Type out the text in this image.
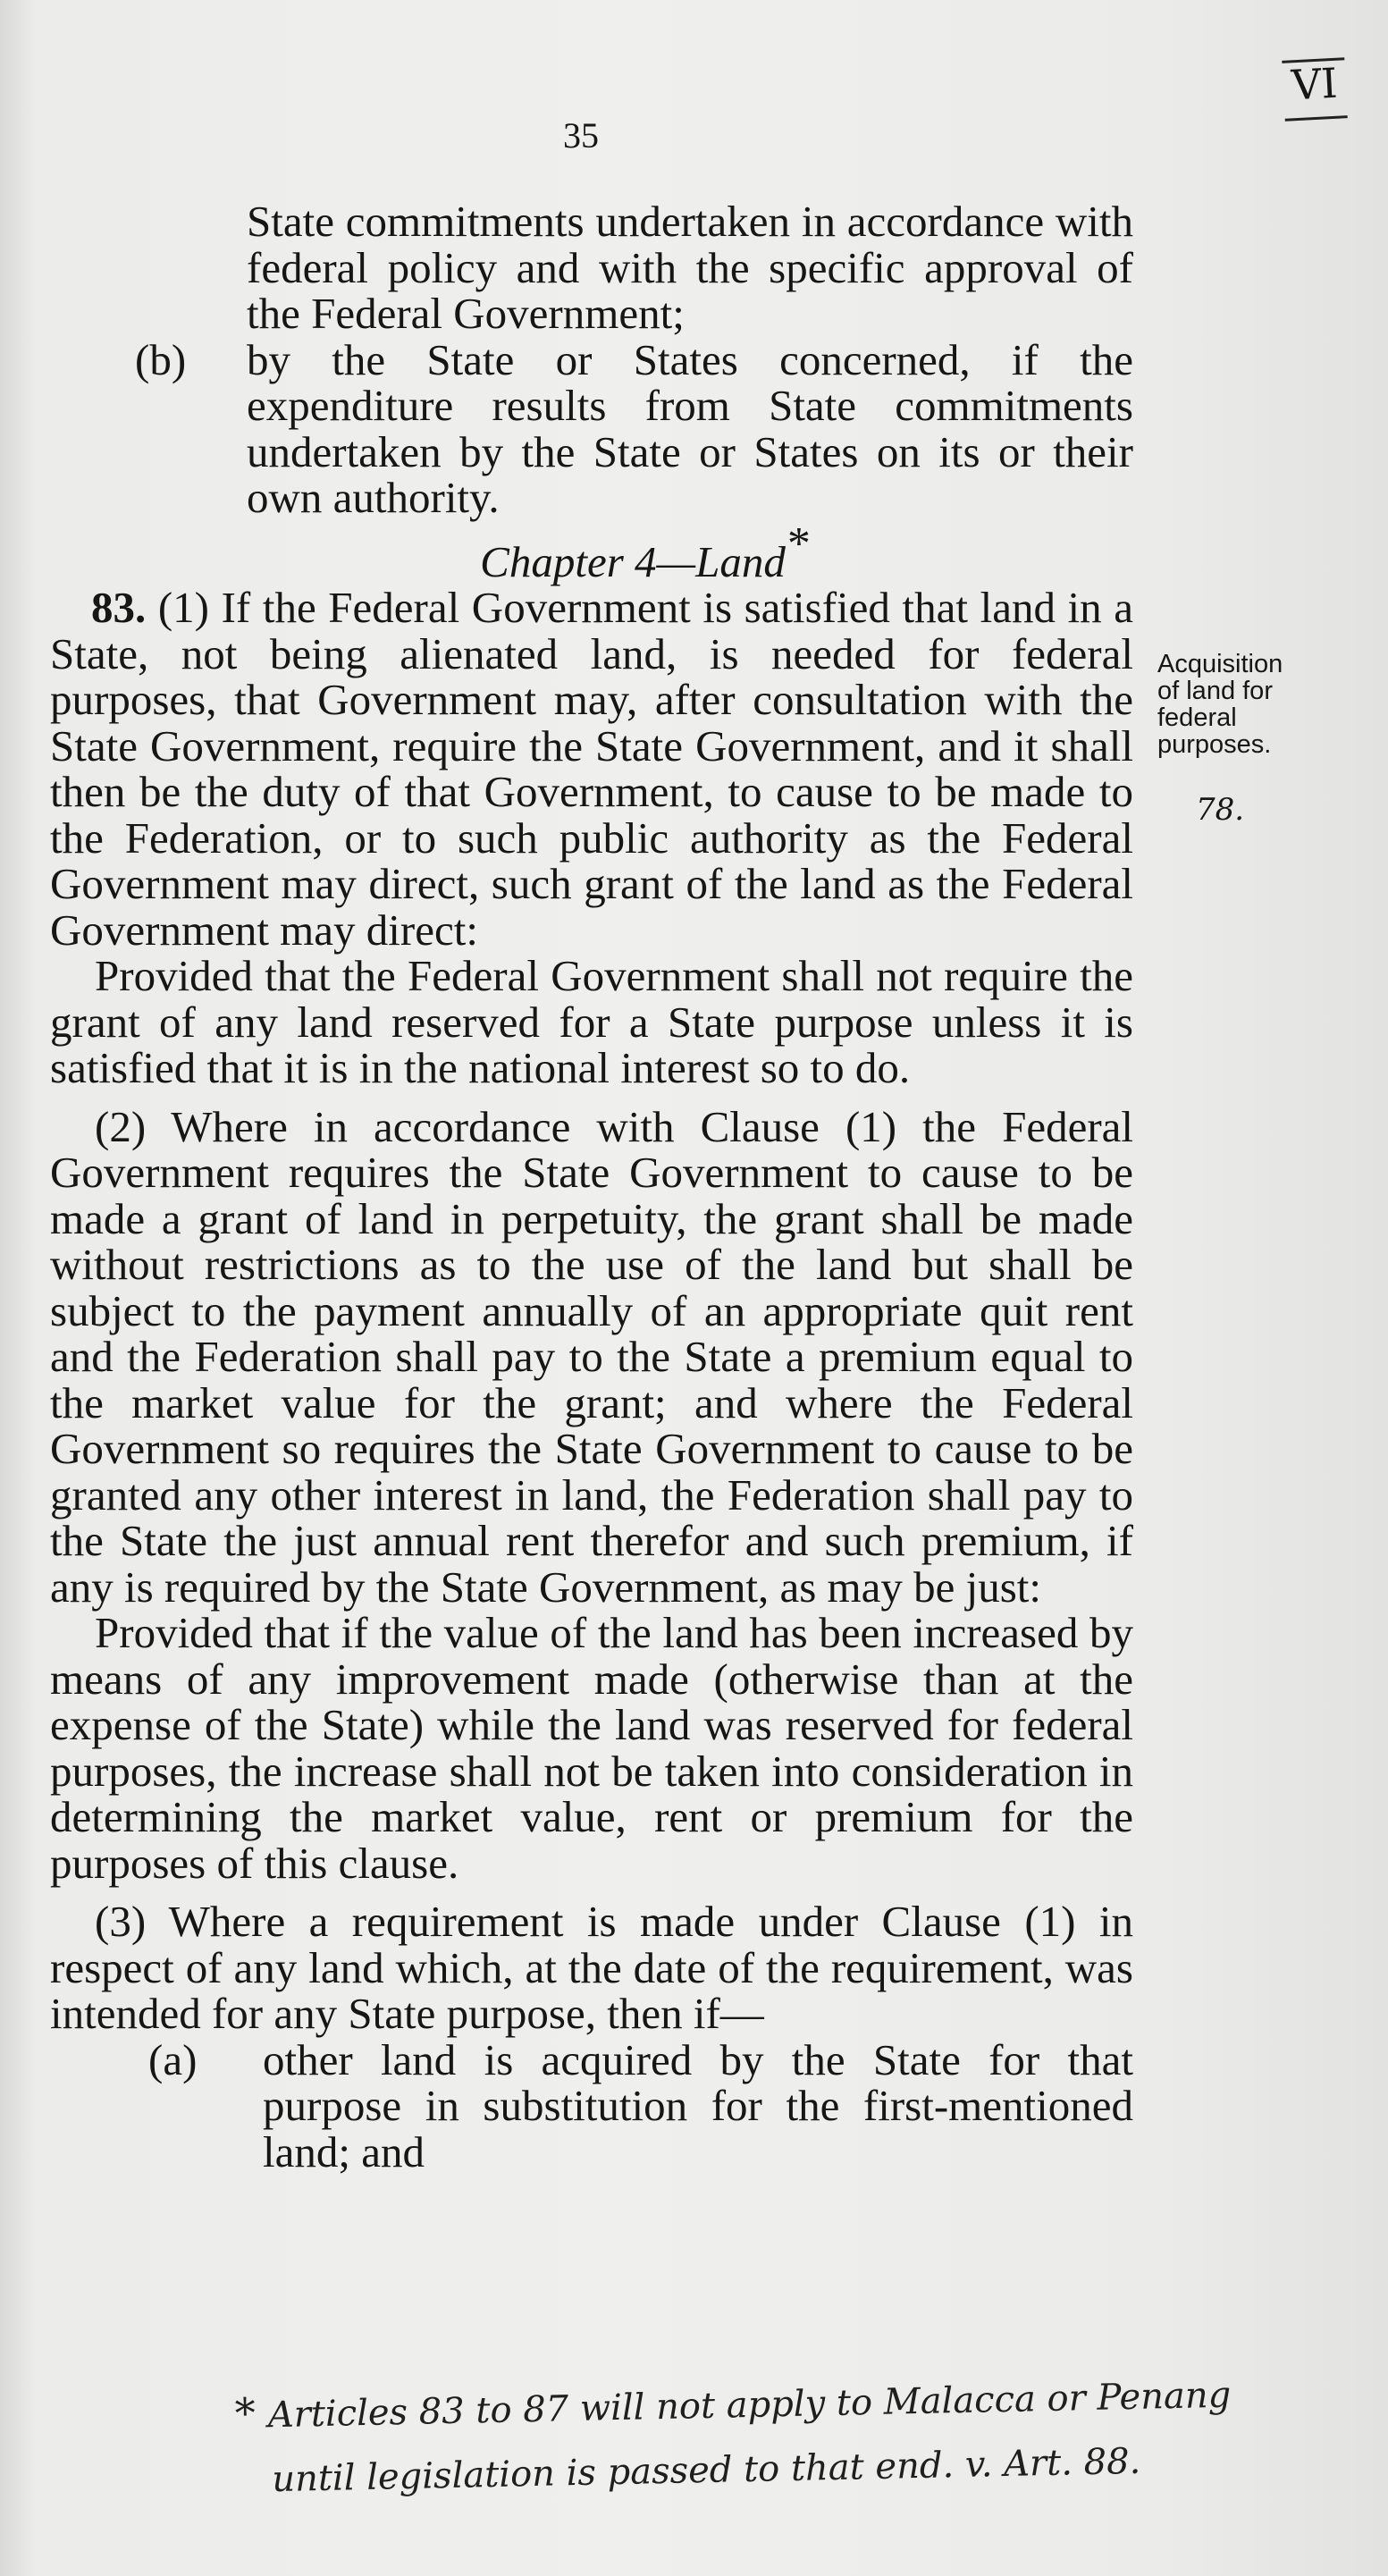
VI
35

State commitments undertaken in accordance with federal policy and with the specific approval of the Federal Government;

(b) by the State or States concerned, if the expenditure results from State commitments undertaken by the State or States on its or their own authority.

Chapter 4—Land*

83. (1) If the Federal Government is satisfied that land in a State, not being alienated land, is needed for federal purposes, that Government may, after consultation with the State Government, require the State Government, and it shall then be the duty of that Government, to cause to be made to the Federation, or to such public authority as the Federal Government may direct, such grant of the land as the Federal Government may direct:

Provided that the Federal Government shall not require the grant of any land reserved for a State purpose unless it is satisfied that it is in the national interest so to do.

(2) Where in accordance with Clause (1) the Federal Government requires the State Government to cause to be made a grant of land in perpetuity, the grant shall be made without restrictions as to the use of the land but shall be subject to the payment annually of an appropriate quit rent and the Federation shall pay to the State a premium equal to the market value for the grant; and where the Federal Government so requires the State Government to cause to be granted any other interest in land, the Federation shall pay to the State the just annual rent therefor and such premium, if any is required by the State Government, as may be just:

Provided that if the value of the land has been increased by means of any improvement made (otherwise than at the expense of the State) while the land was reserved for federal purposes, the increase shall not be taken into consideration in determining the market value, rent or premium for the purposes of this clause.

(3) Where a requirement is made under Clause (1) in respect of any land which, at the date of the requirement, was intended for any State purpose, then if—

(a) other land is acquired by the State for that purpose in substitution for the first-mentioned land; and

Acquisition
of land for
federal
purposes.
78.
* Articles 83 to 87 will not apply to Malacca or Penang
until legislation is passed to that end. v. Art. 88.
